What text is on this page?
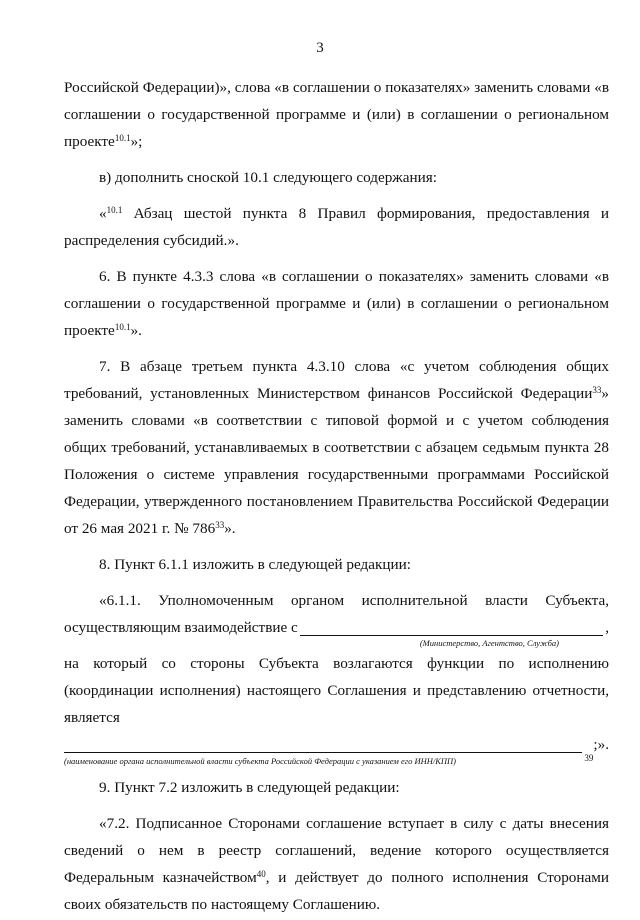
3

Российской Федерации)», слова «в соглашении о показателях» заменить словами «в соглашении о государственной программе и (или) в соглашении о региональном проекте$^{10.1}$»;

в) дополнить сноской 10.1 следующего содержания:

«$^{10.1}$ Абзац шестой пункта 8 Правил формирования, предоставления и распределения субсидий.».

6. В пункте 4.3.3 слова «в соглашении о показателях» заменить словами «в соглашении о государственной программе и (или) в соглашении о региональном проекте$^{10.1}$».

7. В абзаце третьем пункта 4.3.10 слова «с учетом соблюдения общих требований, установленных Министерством финансов Российской Федерации$^{33}$» заменить словами «в соответствии с типовой формой и с учетом соблюдения общих требований, устанавливаемых в соответствии с абзацем седьмым пункта 28 Положения о системе управления государственными программами Российской Федерации, утвержденного постановлением Правительства Российской Федерации от 26 мая 2021 г. № $786^{33}$».

8. Пункт 6.1.1 изложить в следующей редакции:

«6.1.1. Уполномоченным органом исполнительной власти Субъекта,

осуществляющим взаимодействие с	,
(Министерство, Агентство, Служба)

на который со стороны Субъекта возлагаются функции по исполнению (координации исполнения) настоящего Соглашения и представлению отчетности, является

39
;».
(наименование органа исполнительной власти субъекта Российской Федерации с указанием его ИНН/КПП)

9. Пункт 7.2 изложить в следующей редакции:

«7.2. Подписанное Сторонами соглашение вступает в силу с даты внесения сведений о нем в реестр соглашений, ведение которого осуществляется Федеральным казначейством$^{40}$, и действует до полного исполнения Сторонами своих обязательств по настоящему Соглашению.
